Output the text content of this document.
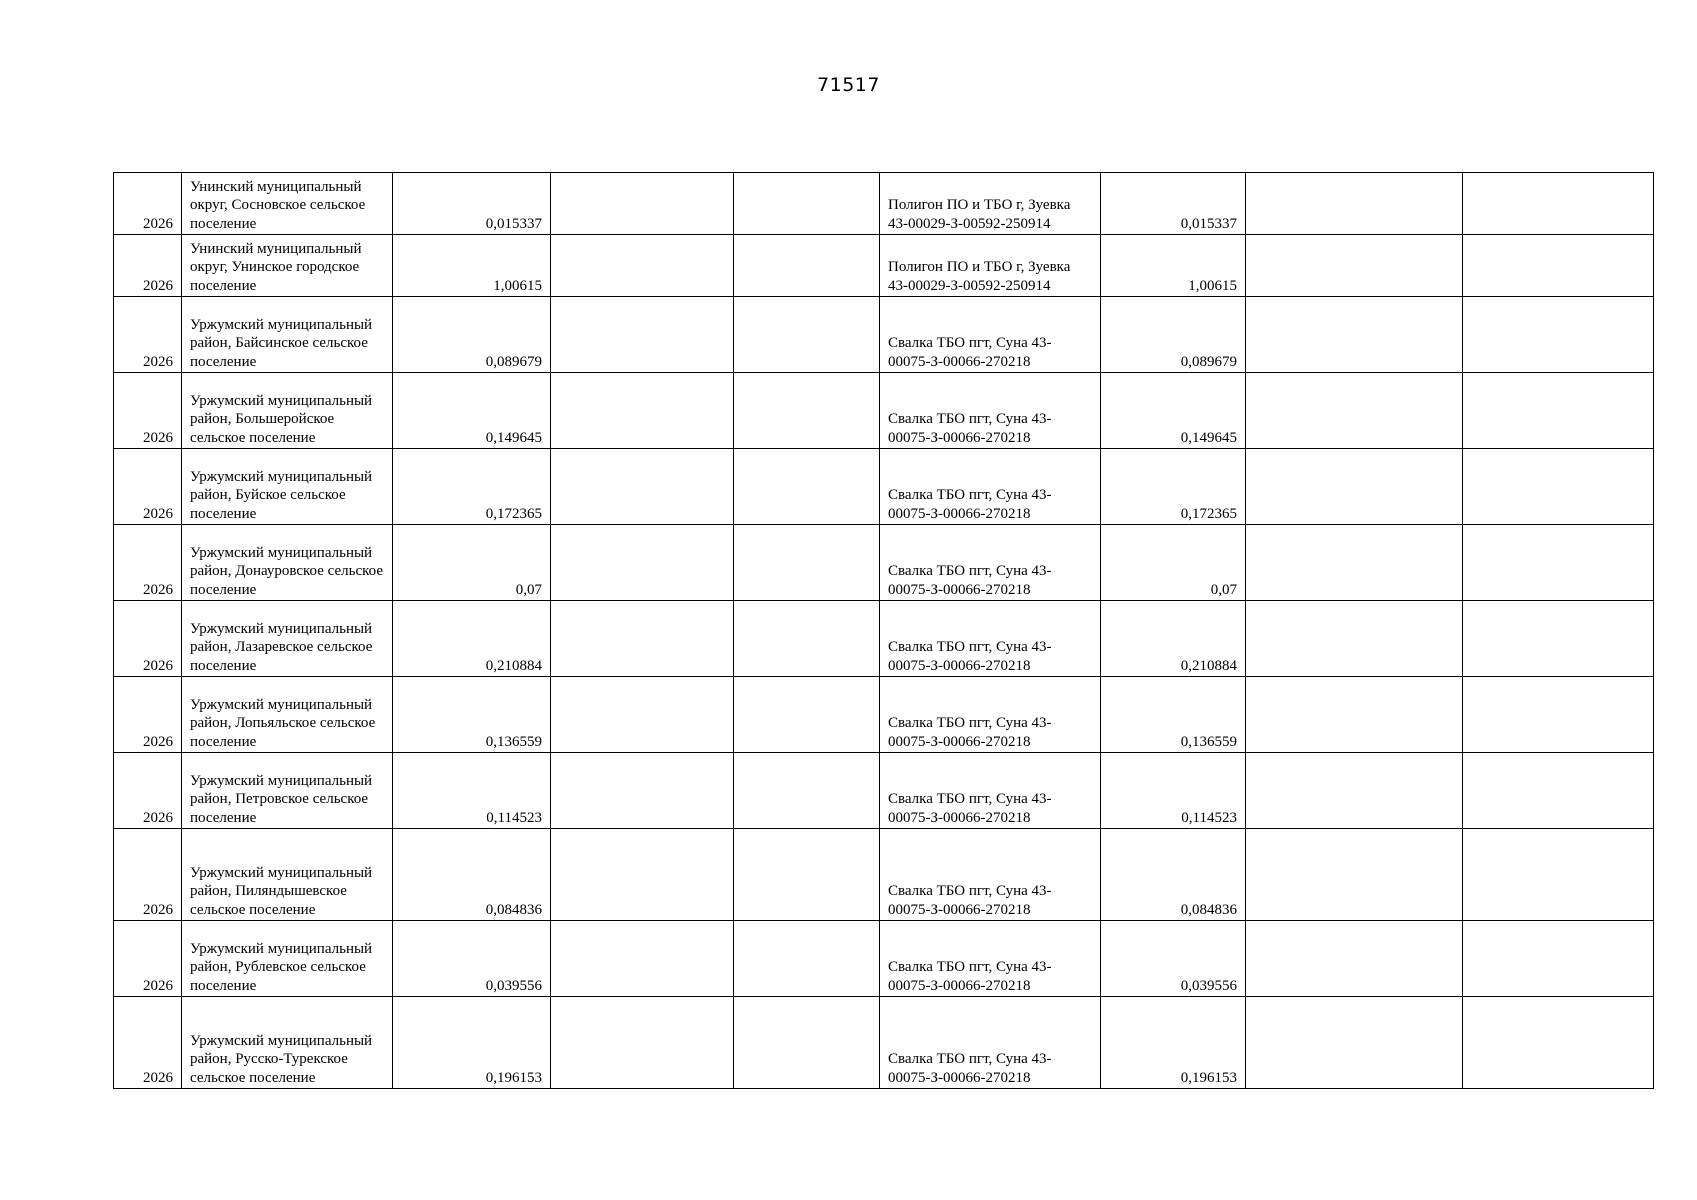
71517
2026	Унинский муниципальный округ, Сосновское сельское поселение	0,015337			Полигон ПО и ТБО г, Зуевка 43-00029-З-00592-250914	0,015337		
2026	Унинский муниципальный округ, Унинское городское поселение	1,00615			Полигон ПО и ТБО г, Зуевка 43-00029-З-00592-250914	1,00615		
2026	Уржумский муниципальный район, Байсинское сельское поселение	0,089679			Свалка ТБО пгт, Суна 43-00075-З-00066-270218	0,089679		
2026	Уржумский муниципальный район, Большеройское сельское поселение	0,149645			Свалка ТБО пгт, Суна 43-00075-З-00066-270218	0,149645		
2026	Уржумский муниципальный район, Буйское сельское поселение	0,172365			Свалка ТБО пгт, Суна 43-00075-З-00066-270218	0,172365		
2026	Уржумский муниципальный район, Донауровское сельское поселение	0,07			Свалка ТБО пгт, Суна 43-00075-З-00066-270218	0,07		
2026	Уржумский муниципальный район, Лазаревское сельское поселение	0,210884			Свалка ТБО пгт, Суна 43-00075-З-00066-270218	0,210884		
2026	Уржумский муниципальный район, Лопьяльское сельское поселение	0,136559			Свалка ТБО пгт, Суна 43-00075-З-00066-270218	0,136559		
2026	Уржумский муниципальный район, Петровское сельское поселение	0,114523			Свалка ТБО пгт, Суна 43-00075-З-00066-270218	0,114523		
2026	Уржумский муниципальный район, Пиляндышевское сельское поселение	0,084836			Свалка ТБО пгт, Суна 43-00075-З-00066-270218	0,084836		
2026	Уржумский муниципальный район, Рублевское сельское поселение	0,039556			Свалка ТБО пгт, Суна 43-00075-З-00066-270218	0,039556		
2026	Уржумский муниципальный район, Русско-Турекское сельское поселение	0,196153			Свалка ТБО пгт, Суна 43-00075-З-00066-270218	0,196153		
